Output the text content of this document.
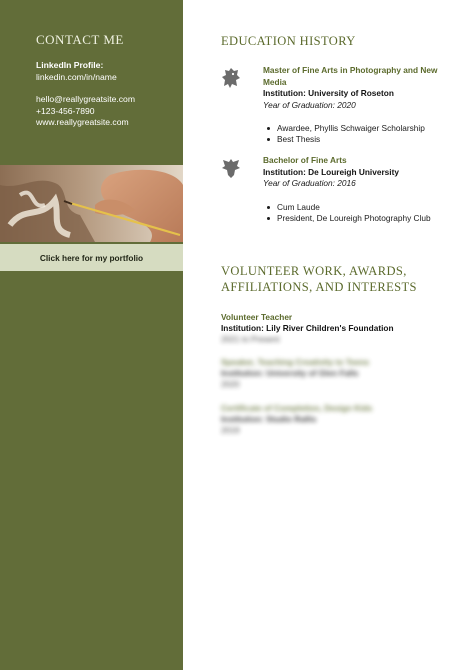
CONTACT ME
LinkedIn Profile:
linkedin.com/in/name
hello@reallygreatsite.com
+123-456-7890
www.reallygreatsite.com
Click here for my portfolio
EDUCATION HISTORY
Master of Fine Arts in Photography and New Media
Institution: University of Roseton
Year of Graduation: 2020
Awardee, Phyllis Schwaiger Scholarship
Best Thesis
Bachelor of Fine Arts
Institution: De Loureigh University
Year of Graduation: 2016
Cum Laude
President, De Loureigh Photography Club
VOLUNTEER WORK, AWARDS,
AFFILIATIONS, AND INTERESTS
Volunteer Teacher
Institution: Lily River Children's Foundation
2021 to Present
Speaker, Teaching Creativity to Teens
Institution: University of Glen Falls
2020
Certificate of Completion, Design Kids
Institution: Studio Rallis
2019
